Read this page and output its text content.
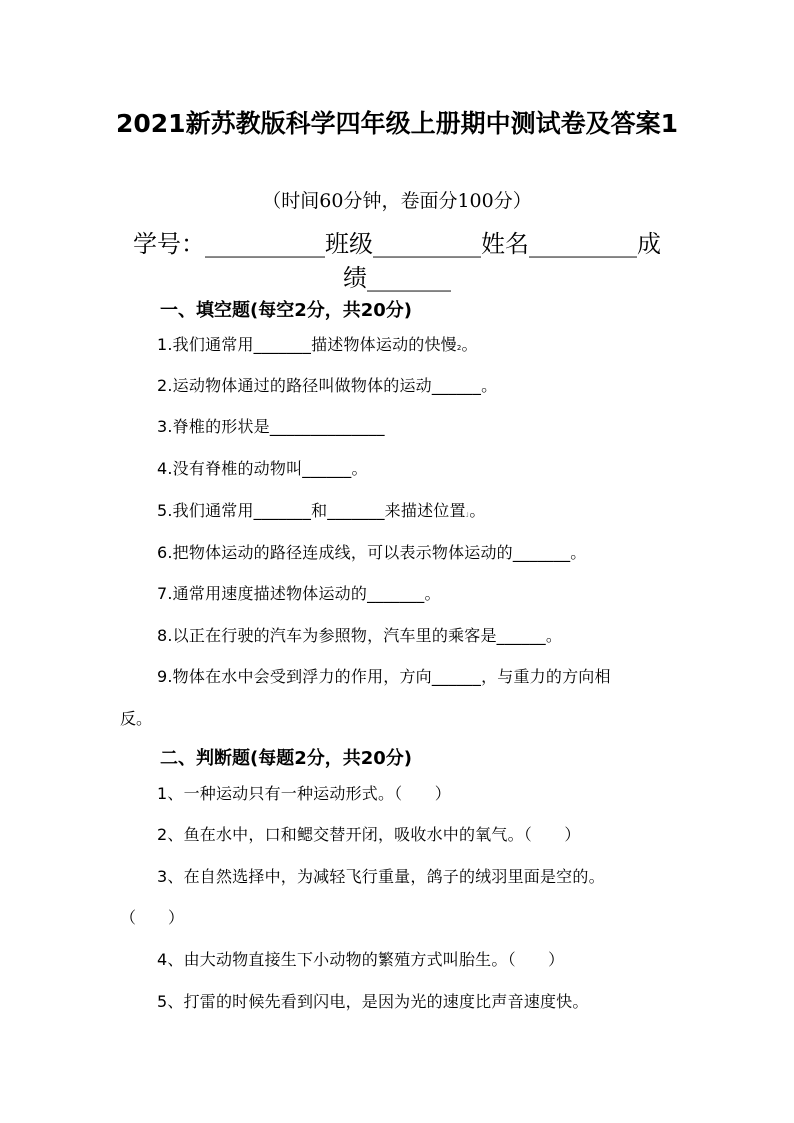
2021新苏教版科学四年级上册期中测试卷及答案1
（时间60分钟，卷面分100分）
学号：__________班级_________姓名_________成
绩_______
一、填空题(每空2分，共20分)
1.我们通常用_______描述物体运动的快慢2。
2.运动物体通过的路径叫做物体的运动______。
3.脊椎的形状是______________
4.没有脊椎的动物叫______。
5.我们通常用_______和_______来描述位置」。
6.把物体运动的路径连成线，可以表示物体运动的_______。
7.通常用速度描述物体运动的_______。
8.以正在行驶的汽车为参照物，汽车里的乘客是______。
9.物体在水中会受到浮力的作用，方向______，与重力的方向相
反。
二、判断题(每题2分，共20分)
1、一种运动只有一种运动形式。（　　）
2、鱼在水中，口和鳃交替开闭，吸收水中的氧气。（　　）
3、在自然选择中，为减轻飞行重量，鸽子的绒羽里面是空的。
（　　）
4、由大动物直接生下小动物的繁殖方式叫胎生。（　　）
5、打雷的时候先看到闪电，是因为光的速度比声音速度快。
